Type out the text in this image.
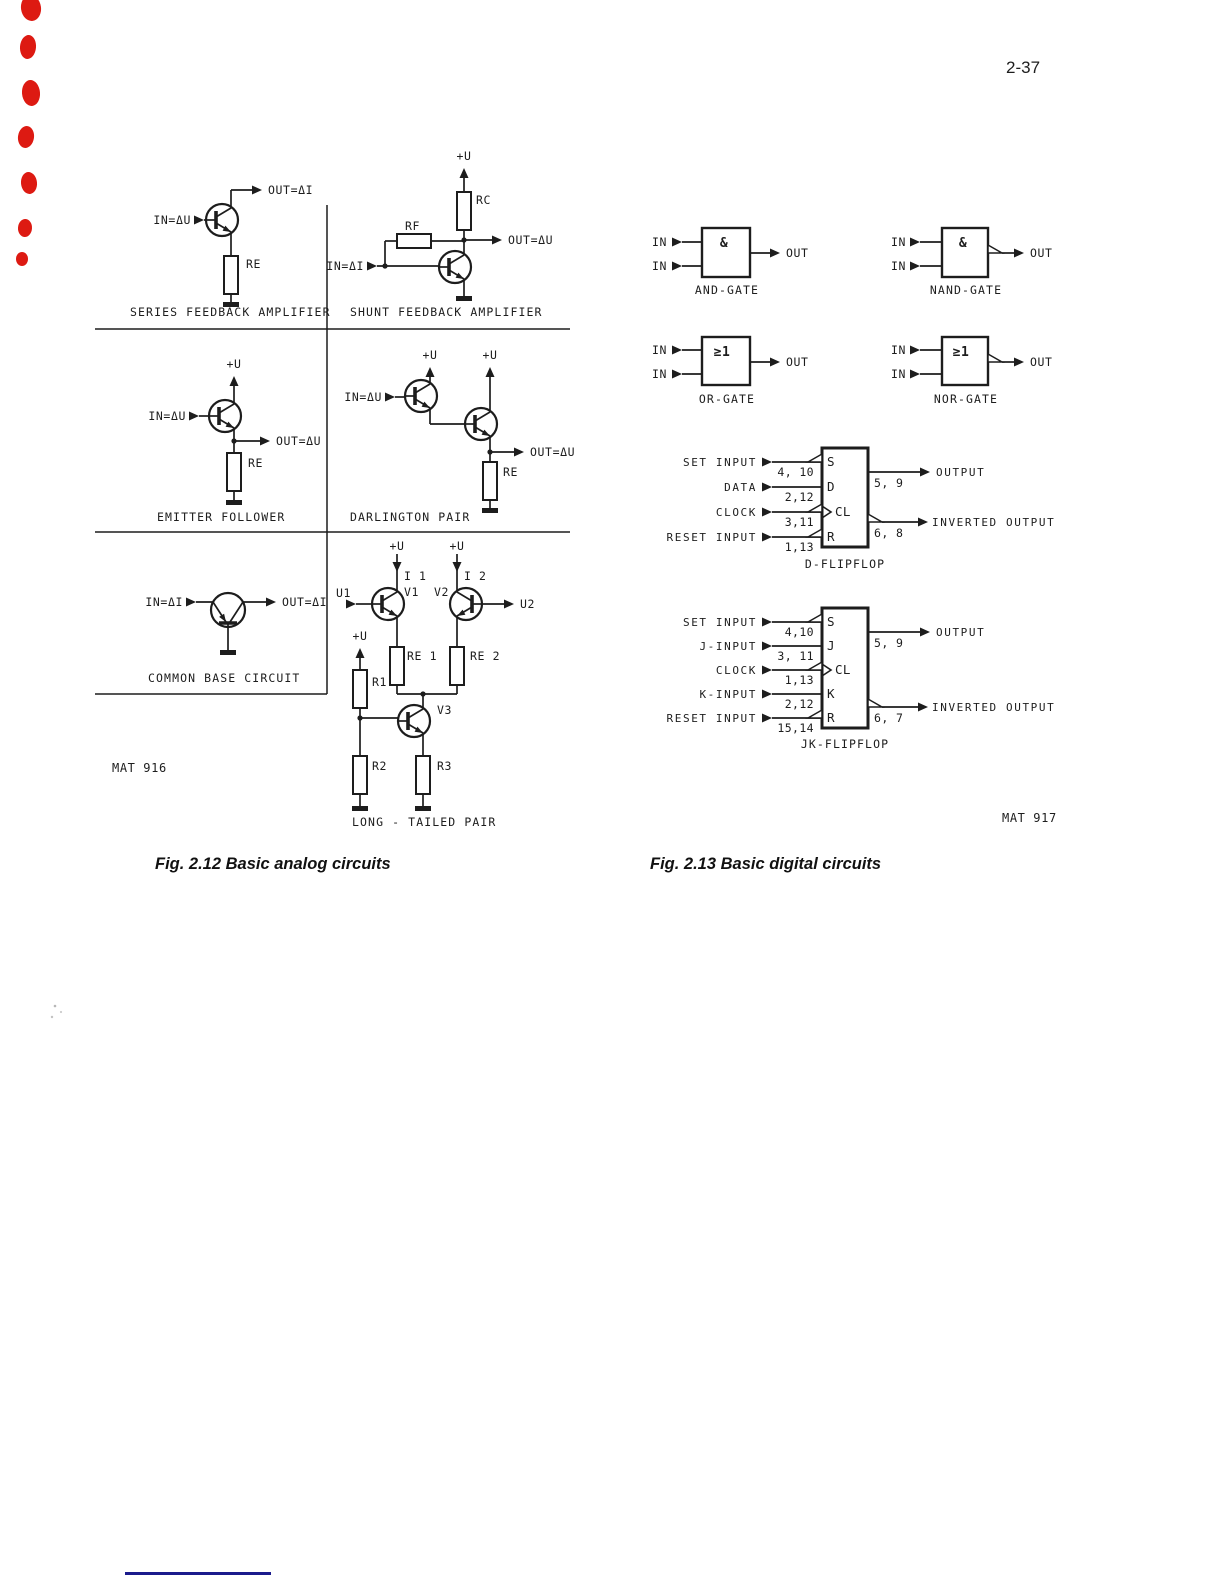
2-37
IN=ΔU
OUT=ΔI
RE
SERIES FEEDBACK AMPLIFIER
+U
RC
OUT=ΔU
RF
IN=ΔI
SHUNT FEEDBACK AMPLIFIER
+U
IN=ΔU
OUT=ΔU
RE
EMITTER FOLLOWER
+U	+U
IN=ΔU
OUT=ΔU
RE
DARLINGTON PAIR
IN=ΔI	OUT=ΔI
COMMON BASE CIRCUIT
+U
I 1
+U
I 2
V1 V2
U1
U2
RE 1	RE 2
V3
+U
R1
R2	R3
LONG - TAILED PAIR
MAT 916
&
IN
IN
OUT
AND-GATE
&
IN
IN
OUT
NAND-GATE
≥1
IN
IN
OUT
OR-GATE
≥1
IN
IN
OUT
NOR-GATE
SET INPUT
4, 10
S
DATA
2,12
D
CLOCK
3,11
CL
RESET INPUT
1,13
R
OUTPUT
5, 9
INVERTED OUTPUT
6, 8
D-FLIPFLOP
SET INPUT
4,10
S
J-INPUT
3, 11
J
CLOCK
1,13
CL
K-INPUT
2,12
K
RESET INPUT
15,14
R
OUTPUT
5, 9
INVERTED OUTPUT
6, 7
JK-FLIPFLOP
MAT 917
Fig. 2.12 Basic analog circuits	Fig. 2.13 Basic digital circuits
